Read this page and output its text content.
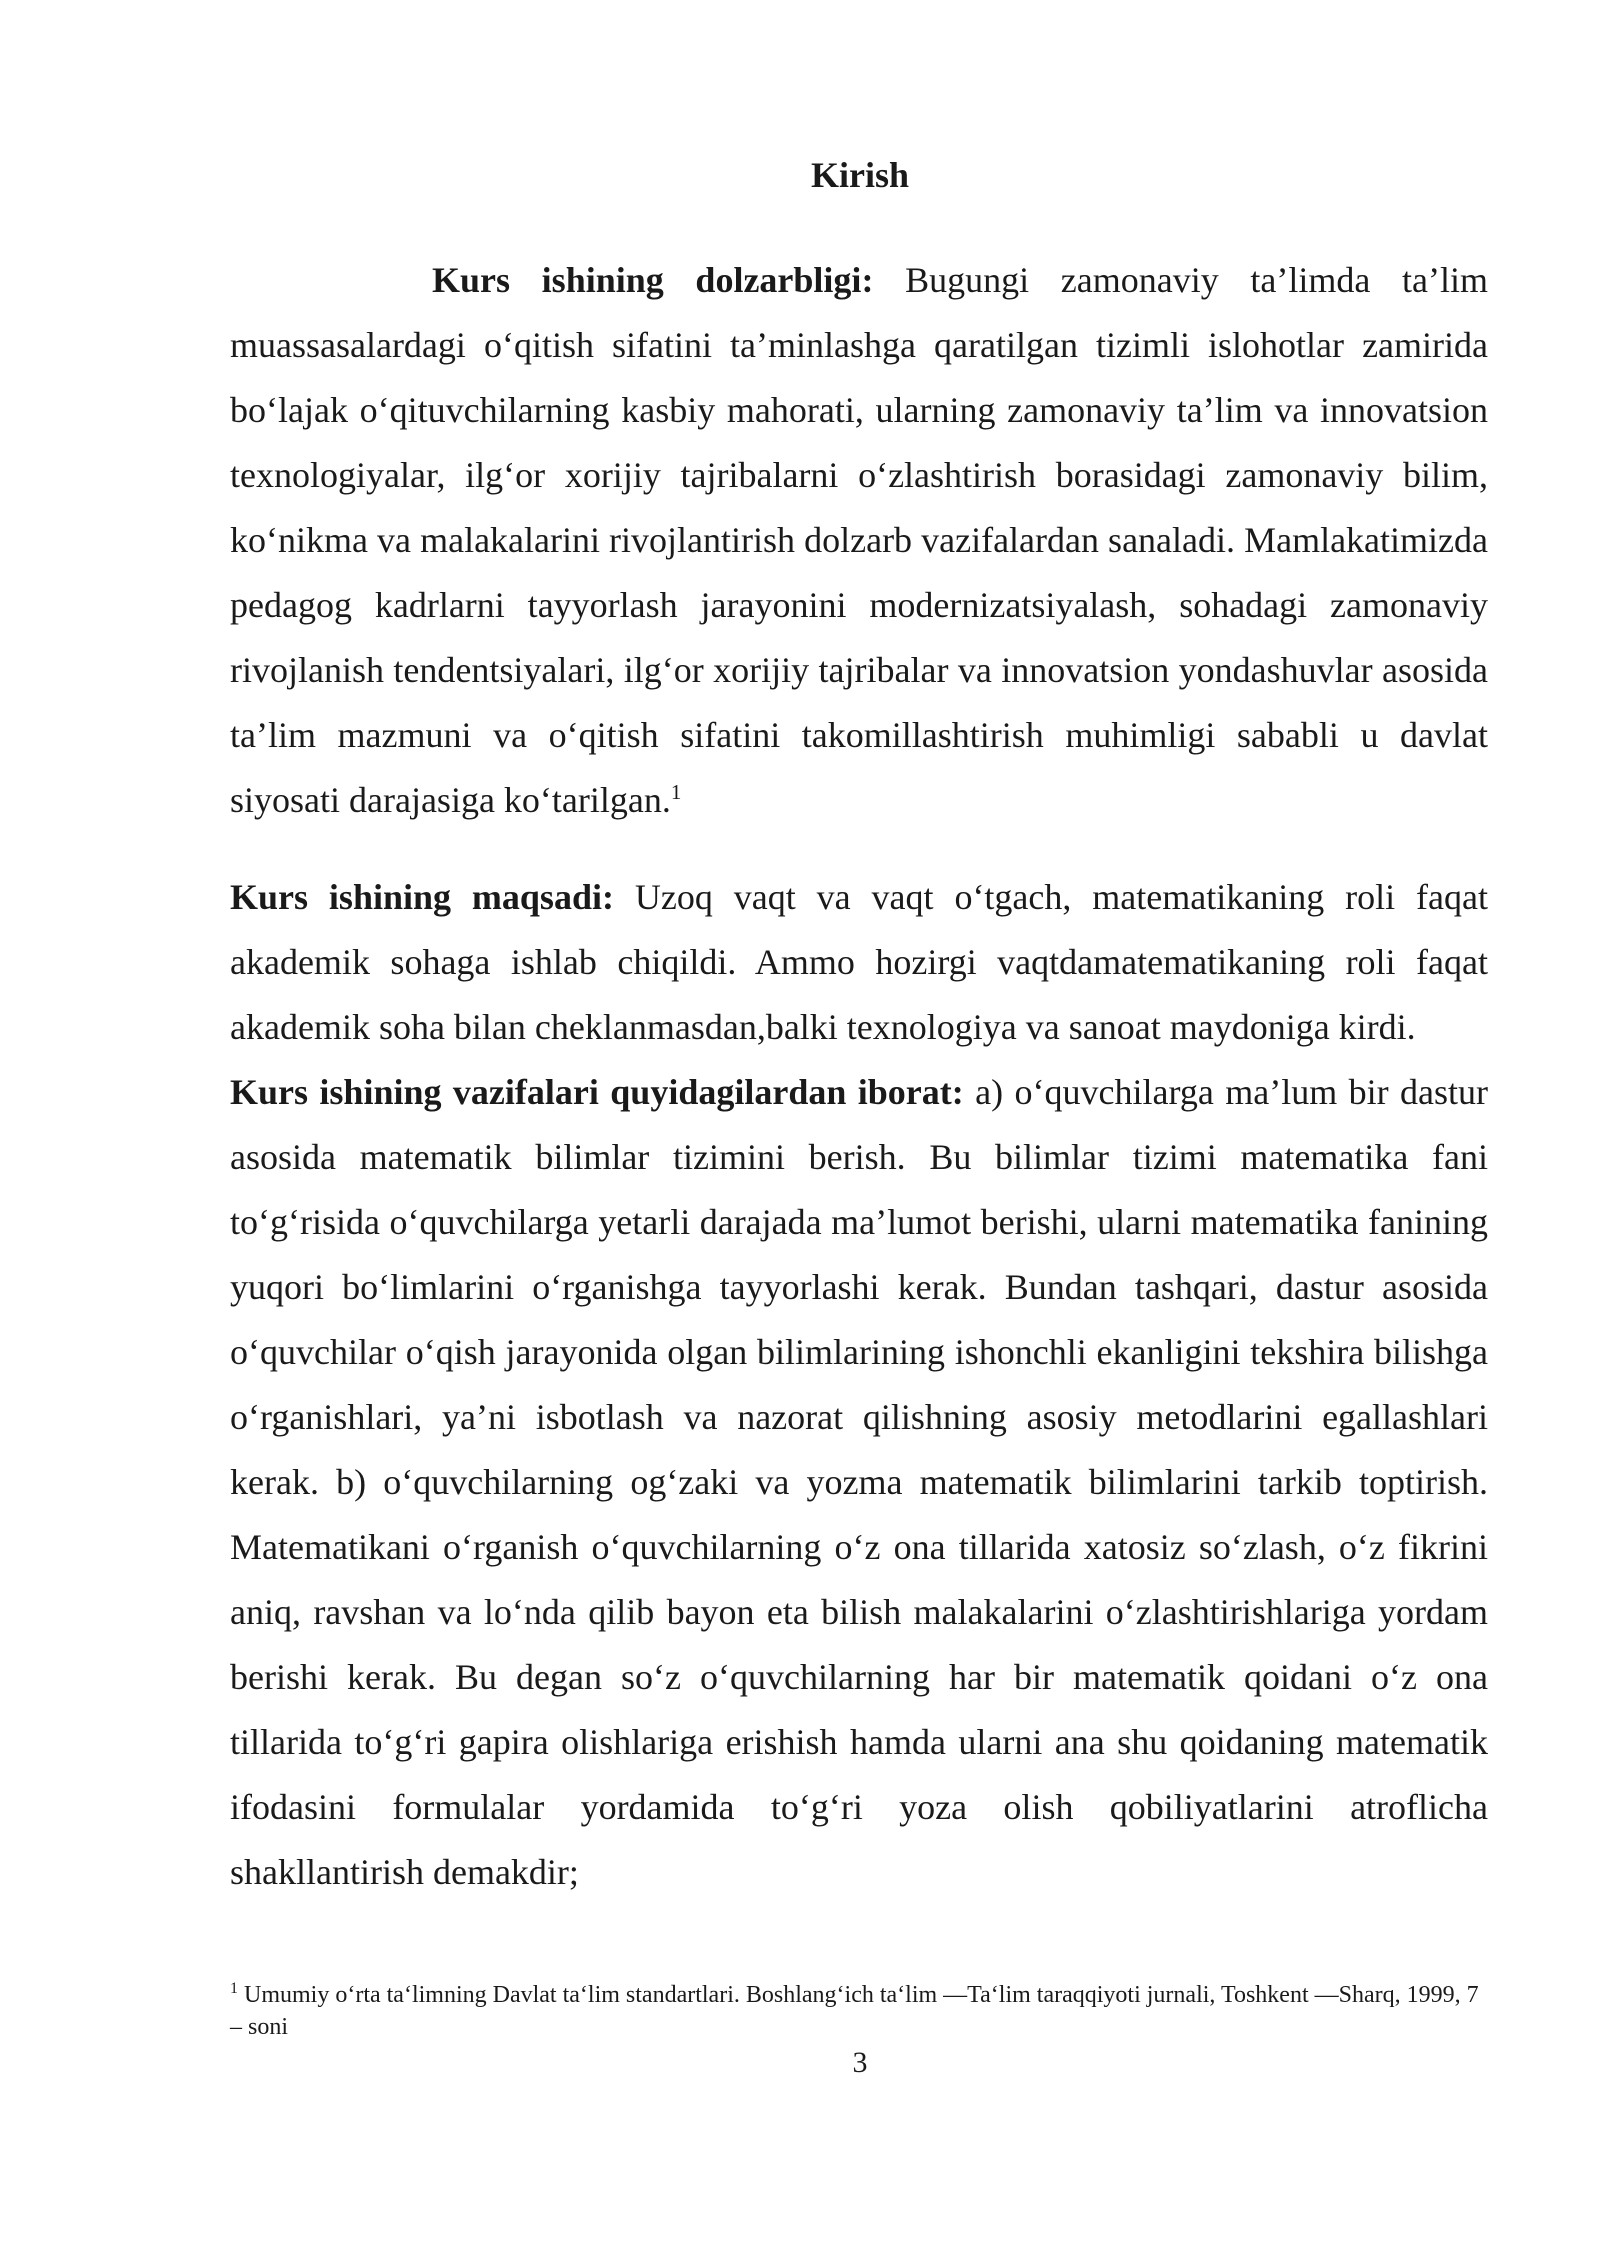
Kirish

Kurs ishining dolzarbligi: Bugungi zamonaviy ta’limda ta’lim muassasalardagi o‘qitish sifatini ta’minlashga qaratilgan tizimli islohotlar zamirida bo‘lajak o‘qituvchilarning kasbiy mahorati, ularning zamonaviy ta’lim va innovatsion texnologiyalar, ilg‘or xorijiy tajribalarni o‘zlashtirish borasidagi zamonaviy bilim, ko‘nikma va malakalarini rivojlantirish dolzarb vazifalardan sanaladi. Mamlakatimizda pedagog kadrlarni tayyorlash jarayonini modernizatsiyalash, sohadagi zamonaviy rivojlanish tendentsiyalari, ilg‘or xorijiy tajribalar va innovatsion yondashuvlar asosida ta’lim mazmuni va o‘qitish sifatini takomillashtirish muhimligi sababli u davlat siyosati darajasiga ko‘tarilgan.$^1$

Kurs ishining maqsadi: Uzoq vaqt va vaqt o‘tgach, matematikaning roli faqat akademik sohaga ishlab chiqildi. Ammo hozirgi vaqtdamatematikaning roli faqat akademik soha bilan cheklanmasdan,balki texnologiya va sanoat maydoniga kirdi.

Kurs ishining vazifalari quyidagilardan iborat: a) o‘quvchilarga ma’lum bir dastur asosida matematik bilimlar tizimini berish. Bu bilimlar tizimi matematika fani to‘g‘risida o‘quvchilarga yetarli darajada ma’lumot berishi, ularni matematika fanining yuqori bo‘limlarini o‘rganishga tayyorlashi kerak. Bundan tashqari, dastur asosida o‘quvchilar o‘qish jarayonida olgan bilimlarining ishonchli ekanligini tekshira bilishga o‘rganishlari, ya’ni isbotlash va nazorat qilishning asosiy metodlarini egallashlari kerak. b) o‘quvchilarning og‘zaki va yozma matematik bilimlarini tarkib toptirish. Matematikani o‘rganish o‘quvchilarning o‘z ona tillarida xatosiz so‘zlash, o‘z fikrini aniq, ravshan va lo‘nda qilib bayon eta bilish malakalarini o‘zlashtirishlariga yordam berishi kerak. Bu degan so‘z o‘quvchilarning har bir matematik qoidani o‘z ona tillarida to‘g‘ri gapira olishlariga erishish hamda ularni ana shu qoidaning matematik ifodasini formulalar yordamida to‘g‘ri yoza olish qobiliyatlarini atroflicha shakllantirish demakdir;

$^1$ Umumiy o‘rta ta‘limning Davlat ta‘lim standartlari. Boshlang‘ich ta‘lim —Ta‘lim taraqqiyoti jurnali, Toshkent —Sharq, 1999, 7 – soni
3
